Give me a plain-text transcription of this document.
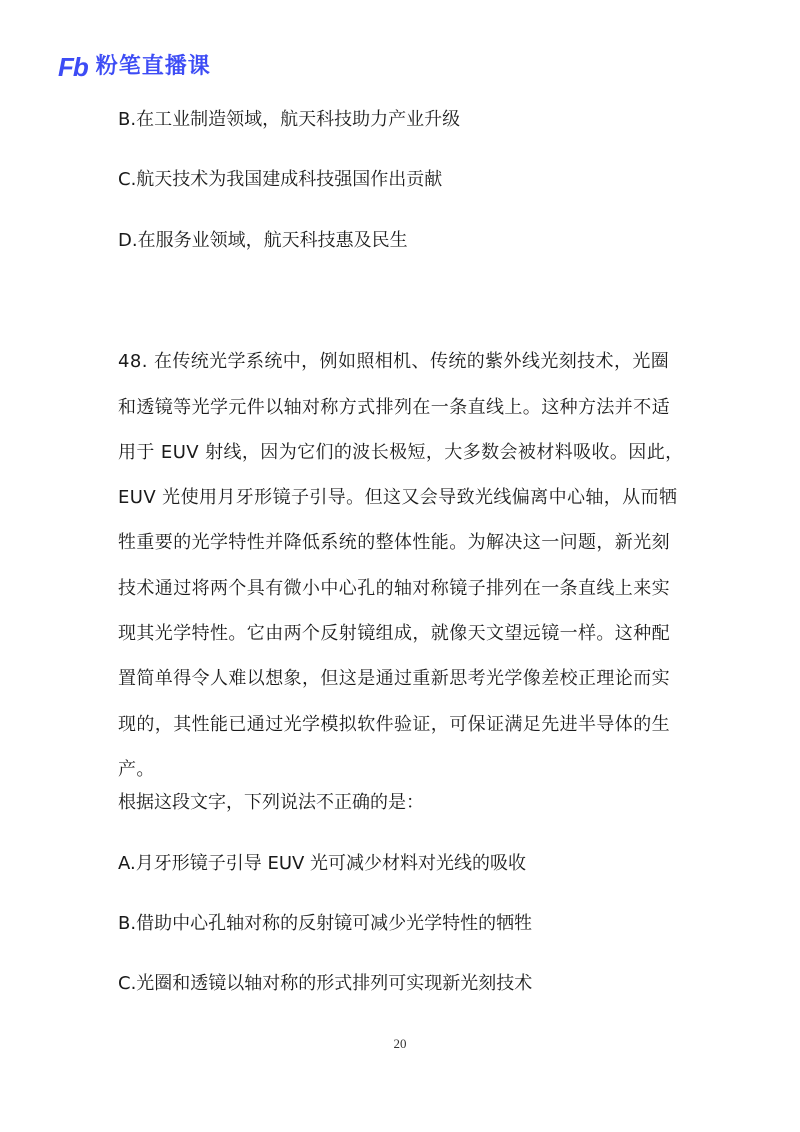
Fb 粉笔直播课
B.在工业制造领域，航天科技助力产业升级
C.航天技术为我国建成科技强国作出贡献
D.在服务业领域，航天科技惠及民生
48. 在传统光学系统中，例如照相机、传统的紫外线光刻技术，光圈
和透镜等光学元件以轴对称方式排列在一条直线上。这种方法并不适
用于 EUV 射线，因为它们的波长极短，大多数会被材料吸收。因此，
EUV 光使用月牙形镜子引导。但这又会导致光线偏离中心轴，从而牺
牲重要的光学特性并降低系统的整体性能。为解决这一问题，新光刻
技术通过将两个具有微小中心孔的轴对称镜子排列在一条直线上来实
现其光学特性。它由两个反射镜组成，就像天文望远镜一样。这种配
置简单得令人难以想象，但这是通过重新思考光学像差校正理论而实
现的，其性能已通过光学模拟软件验证，可保证满足先进半导体的生
产。
根据这段文字，下列说法不正确的是：
A.月牙形镜子引导 EUV 光可减少材料对光线的吸收
B.借助中心孔轴对称的反射镜可减少光学特性的牺牲
C.光圈和透镜以轴对称的形式排列可实现新光刻技术
20
